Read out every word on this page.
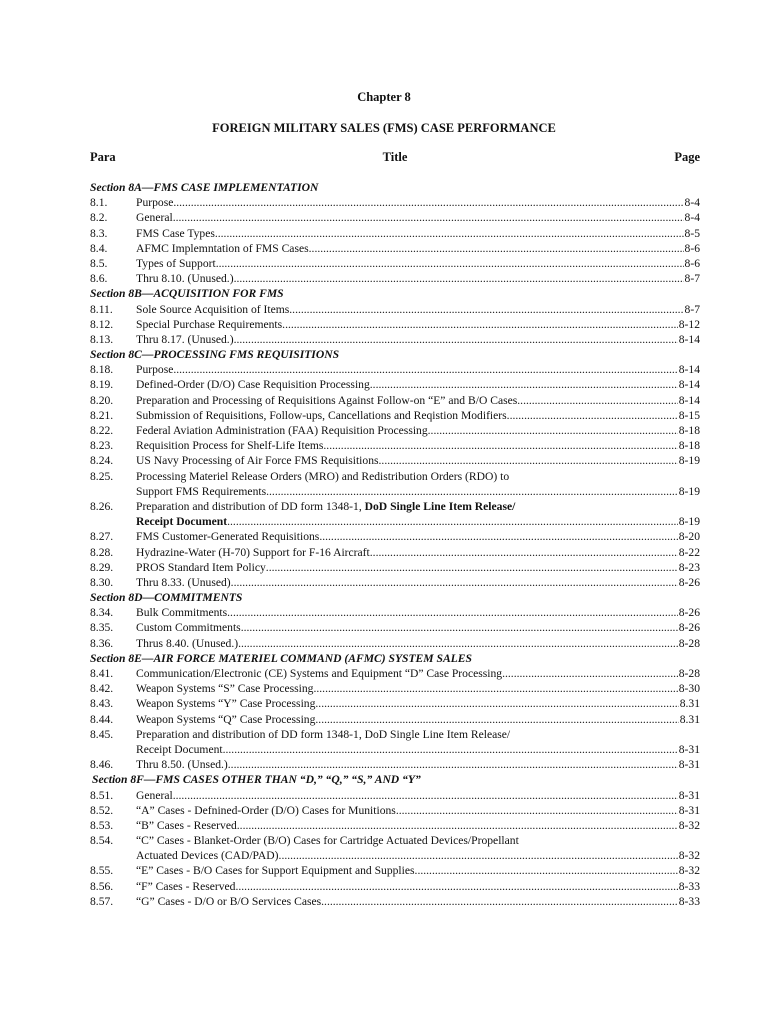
Chapter 8
FOREIGN MILITARY SALES (FMS) CASE PERFORMANCE
Para	Title	Page
Section 8A—FMS CASE IMPLEMENTATION
8.1. Purpose .....	8-4
8.2. General .....	8-4
8.3. FMS Case Types .....	8-5
8.4. AFMC Implemntation of FMS Cases .....	8-6
8.5. Types of Support. .....	8-6
8.6. Thru 8.10. (Unused.) .....	8-7
Section 8B—ACQUISITION FOR FMS
8.11. Sole Source Acquisition of Items .....	8-7
8.12. Special Purchase Requirements .....	8-12
8.13. Thru 8.17. (Unused.) .....	8-14
Section 8C—PROCESSING FMS REQUISITIONS
8.18. Purpose .....	8-14
8.19. Defined-Order (D/O) Case Requisition Processing .....	8-14
8.20. Preparation and Processing of Requisitions Against Follow-on “E” and B/O Cases .....	8-14
8.21. Submission of Requisitions, Follow-ups, Cancellations and Reqistion Modifiers .....	8-15
8.22. Federal Aviation Administration (FAA) Requisition Processing .....	8-18
8.23. Requisition Process for Shelf-Life Items .....	8-18
8.24. US Navy Processing of Air Force FMS Requisitions .....	8-19
8.25. Processing Materiel Release Orders (MRO) and Redistribution Orders (RDO) to
Support FMS Requirements .....	8-19
8.26. Preparation and distribution of DD form 1348-1, DoD Single Line Item Release/
Receipt Document .....	8-19
8.27. FMS Customer-Generated Requisitions .....	8-20
8.28. Hydrazine-Water (H-70) Support for F-16 Aircraft .....	8-22
8.29. PROS Standard Item Policy .....	8-23
8.30. Thru 8.33. (Unused) .....	8-26
Section 8D—COMMITMENTS
8.34. Bulk Commitments .....	8-26
8.35. Custom Commitments .....	8-26
8.36. Thrus 8.40. (Unused.) .....	8-28
Section 8E—AIR FORCE MATERIEL COMMAND (AFMC) SYSTEM SALES
8.41. Communication/Electronic (CE) Systems and Equipment “D” Case Processing .....	8-28
8.42. Weapon Systems “S” Case Processing .....	8-30
8.43. Weapon Systems “Y” Case Processing .....	8.31
8.44. Weapon Systems “Q” Case Processing .....	8.31
8.45. Preparation and distribution of DD form 1348-1, DoD Single Line Item Release/
Receipt Document .....	8-31
8.46. Thru 8.50. (Unsed.) .....	8-31
Section 8F—FMS CASES OTHER THAN “D,” “Q,” “S,” AND “Y”
8.51. General .....	8-31
8.52. “A” Cases - Defnined-Order (D/O) Cases for Munitions .....	8-31
8.53. “B” Cases - Reserved .....	8-32
8.54. “C” Cases - Blanket-Order (B/O) Cases for Cartridge Actuated Devices/Propellant
Actuated Devices (CAD/PAD) .....	8-32
8.55. “E” Cases - B/O Cases for Support Equipment and Supplies .....	8-32
8.56. “F” Cases - Reserved .....	8-33
8.57. “G” Cases - D/O or B/O Services Cases .....	8-33
